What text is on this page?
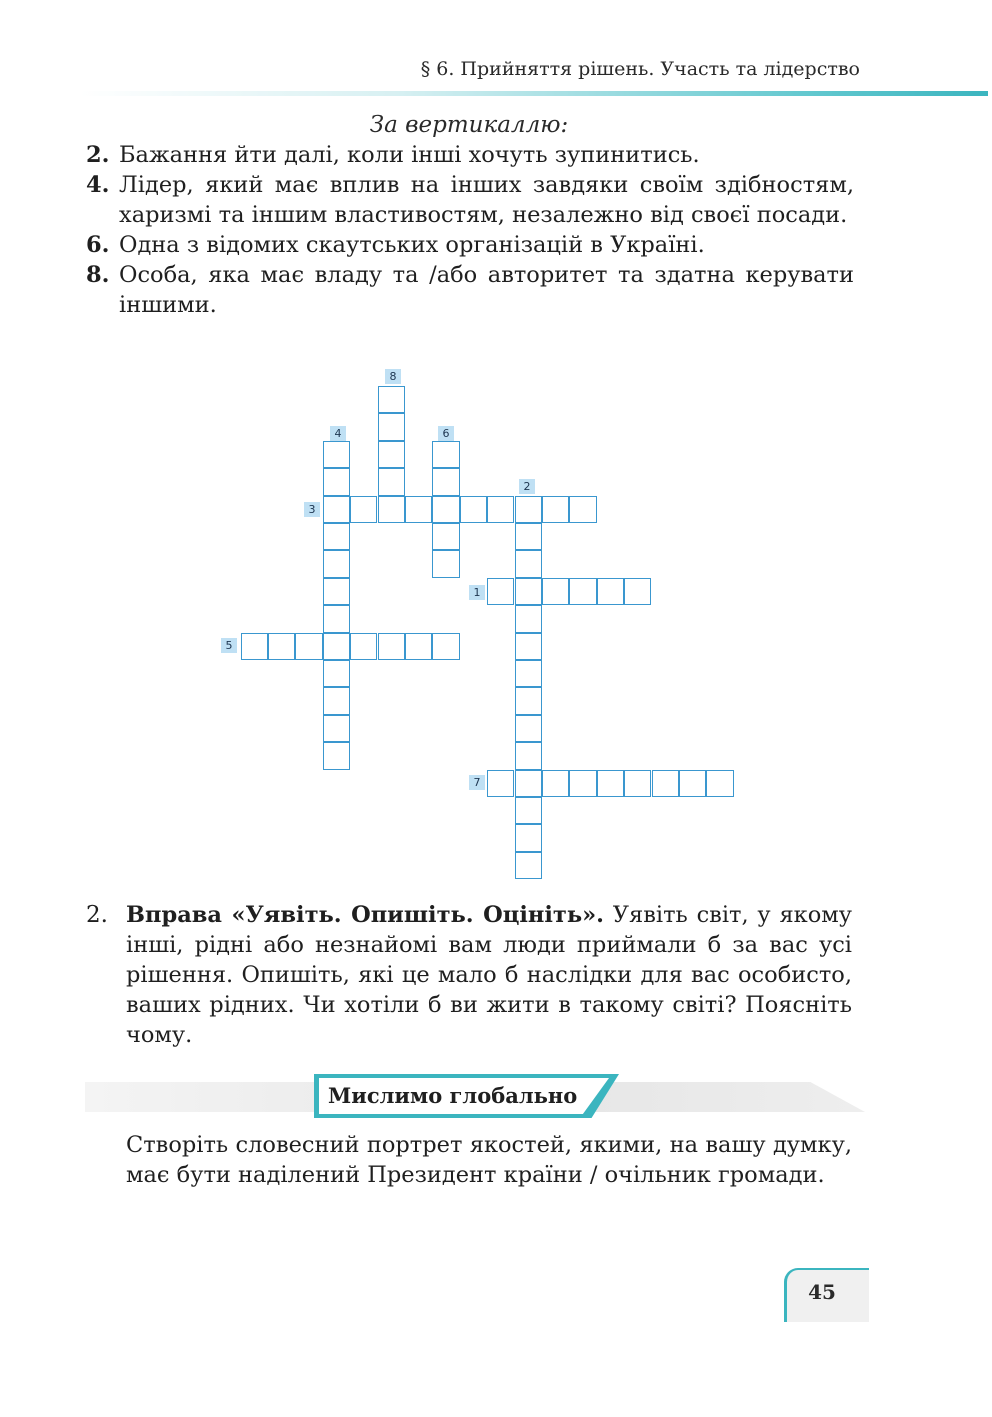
§ 6. Прийняття рішень. Участь та лідерство
За вертикаллю:
2. Бажання йти далі, коли інші хочуть зупинитись.
4. Лідер, який має вплив на інших завдяки своїм здібностям, харизмі та іншим властивостям, незалежно від своєї посади.
6. Одна з відомих скаутських організацій в Україні.
8. Особа, яка має владу та /або авторитет та здатна керувати іншими.
8
4	6
2
3
1
5
7
2. Вправа «Уявіть. Опишіть. Оцініть». Уявіть світ, у якому інші, рідні або незнайомі вам люди приймали б за вас усі рішення. Опишіть, які це мало б наслідки для вас особисто, ваших рідних. Чи хотіли б ви жити в такому світі? Поясніть чому.
Мислимо глобально
Створіть словесний портрет якостей, якими, на вашу думку, має бути наділений Президент країни / очільник громади.
45
